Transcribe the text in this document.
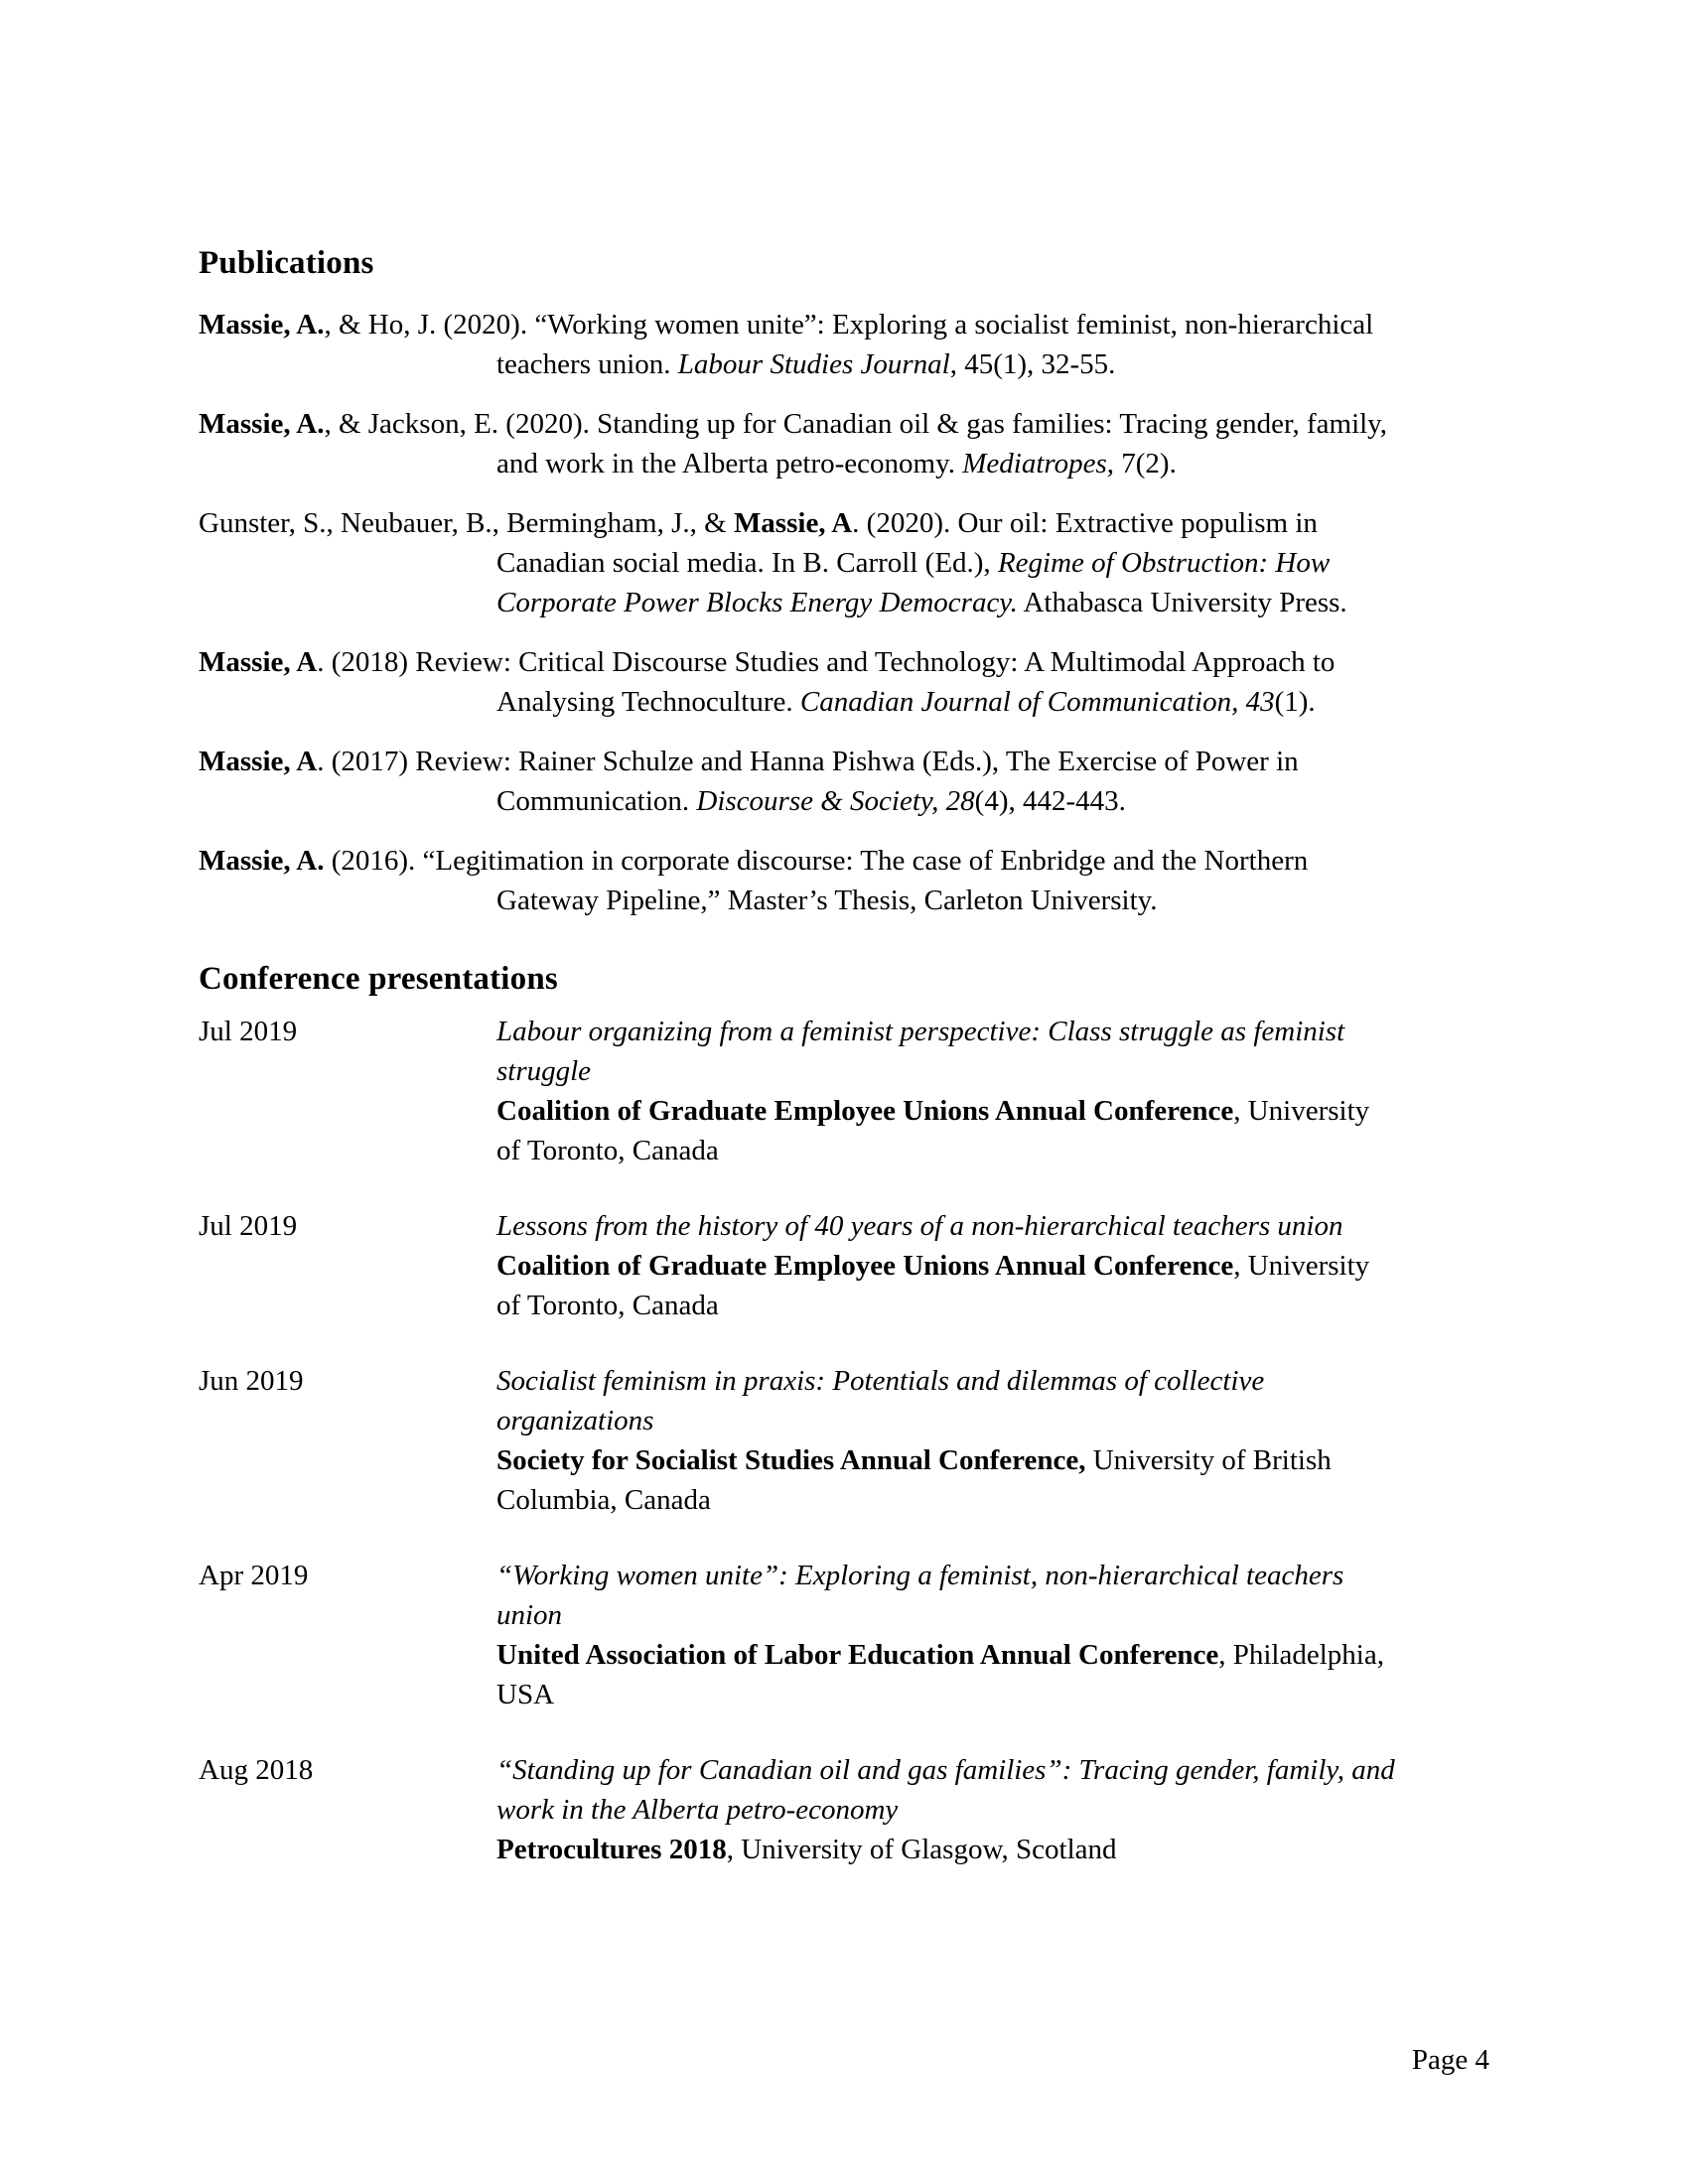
Publications
Massie, A., & Ho, J. (2020). “Working women unite”: Exploring a socialist feminist, non-hierarchical
teachers union. Labour Studies Journal, 45(1), 32-55.
Massie, A., & Jackson, E. (2020). Standing up for Canadian oil & gas families: Tracing gender, family,
and work in the Alberta petro-economy. Mediatropes, 7(2).
Gunster, S., Neubauer, B., Bermingham, J., & Massie, A. (2020). Our oil: Extractive populism in
Canadian social media. In B. Carroll (Ed.), Regime of Obstruction: How
Corporate Power Blocks Energy Democracy. Athabasca University Press.
Massie, A. (2018) Review: Critical Discourse Studies and Technology: A Multimodal Approach to
Analysing Technoculture. Canadian Journal of Communication, 43(1).
Massie, A. (2017) Review: Rainer Schulze and Hanna Pishwa (Eds.), The Exercise of Power in
Communication. Discourse & Society, 28(4), 442-443.
Massie, A. (2016). “Legitimation in corporate discourse: The case of Enbridge and the Northern
Gateway Pipeline,” Master’s Thesis, Carleton University.
Conference presentations
Jul 2019	Labour organizing from a feminist perspective: Class struggle as feminist
struggle
Coalition of Graduate Employee Unions Annual Conference, University
of Toronto, Canada
Jul 2019	Lessons from the history of 40 years of a non-hierarchical teachers union
Coalition of Graduate Employee Unions Annual Conference, University
of Toronto, Canada
Jun 2019	Socialist feminism in praxis: Potentials and dilemmas of collective
organizations
Society for Socialist Studies Annual Conference, University of British
Columbia, Canada
Apr 2019	“Working women unite”: Exploring a feminist, non-hierarchical teachers
union
United Association of Labor Education Annual Conference, Philadelphia,
USA
Aug 2018	“Standing up for Canadian oil and gas families”: Tracing gender, family, and
work in the Alberta petro-economy
Petrocultures 2018, University of Glasgow, Scotland
Page 4
